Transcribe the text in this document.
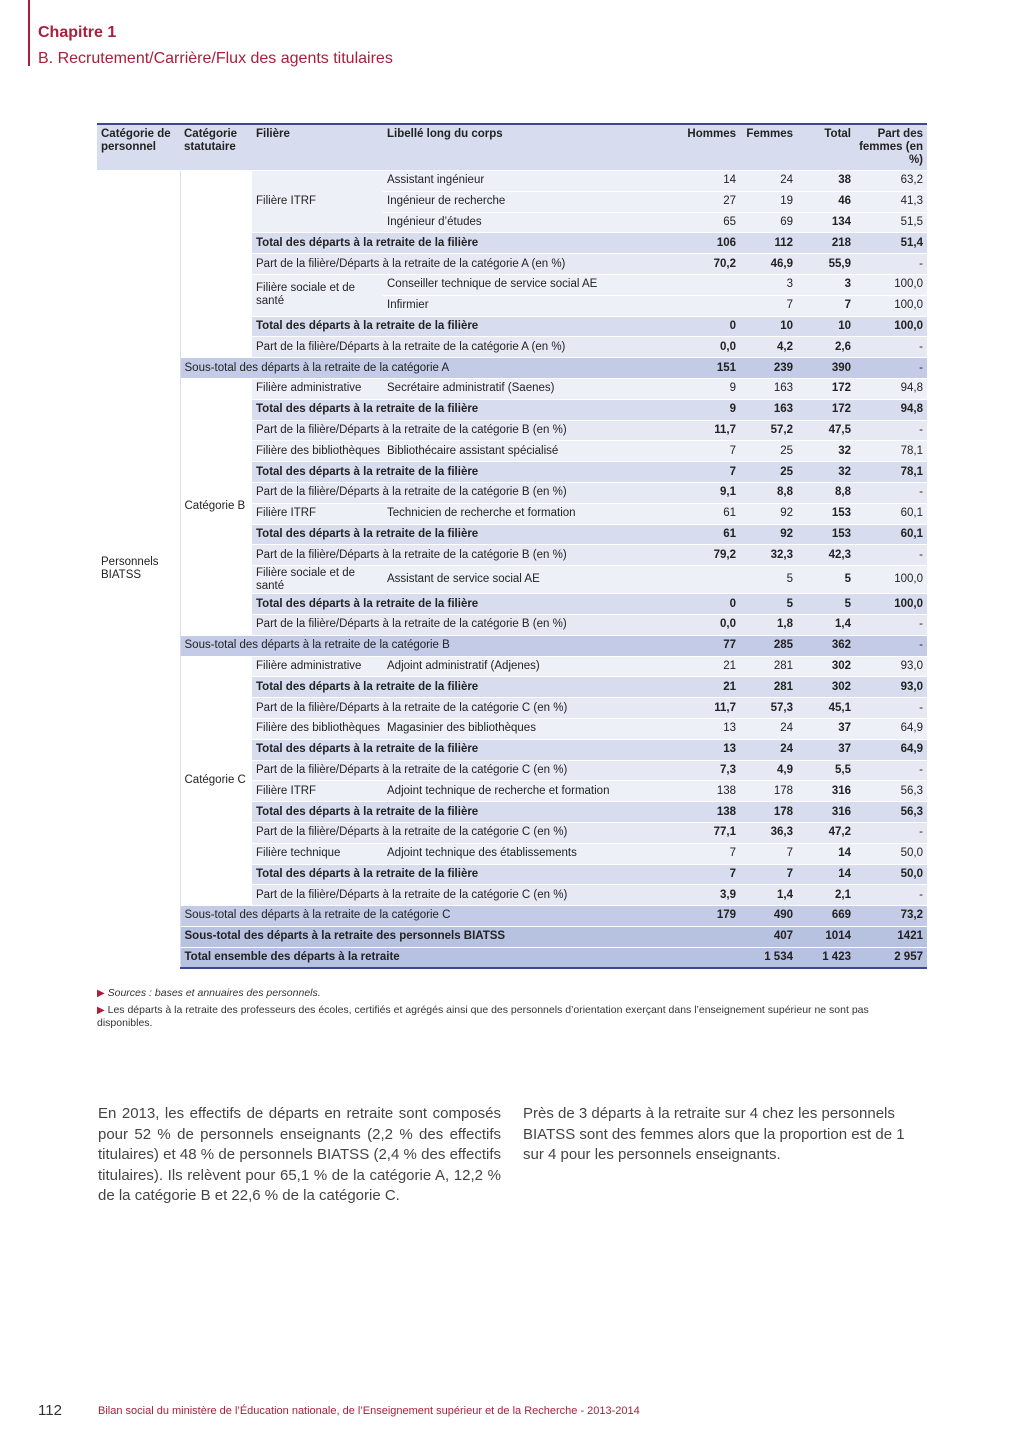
Chapitre 1
B. Recrutement/Carrière/Flux des agents titulaires
Catégorie de personnel	Catégorie statutaire	Filière	Libellé long du corps	Hommes	Femmes	Total	Part des femmes (en %)	
Personnels BIATSS		Filière ITRF	Assistant ingénieur	14	24	38	63,2	
			Ingénieur de recherche	27	19	46	41,3	
			Ingénieur d’études	65	69	134	51,5	
		Total des départs à la retraite de la filière		106	112	218	51,4	
		Part de la filière/Départs à la retraite de la catégorie A (en %)		70,2	46,9	55,9	-	
		Filière sociale et de santé	Conseiller technique de service social AE		3	3	100,0	
			Infirmier		7	7	100,0	
		Total des départs à la retraite de la filière		0	10	10	100,0	
		Part de la filière/Départs à la retraite de la catégorie A (en %)		0,0	4,2	2,6	-	
	Sous-total des départs à la retraite de la catégorie A			151	239	390	-	
	Catégorie B	Filière administrative	Secrétaire administratif (Saenes)	9	163	172	94,8	
		Total des départs à la retraite de la filière		9	163	172	94,8	
		Part de la filière/Départs à la retraite de la catégorie B (en %)		11,7	57,2	47,5	-	
		Filière des bibliothèques	Bibliothécaire assistant spécialisé	7	25	32	78,1	
		Total des départs à la retraite de la filière		7	25	32	78,1	
		Part de la filière/Départs à la retraite de la catégorie B (en %)		9,1	8,8	8,8	-	
		Filière ITRF	Technicien de recherche et formation	61	92	153	60,1	
		Total des départs à la retraite de la filière		61	92	153	60,1	
		Part de la filière/Départs à la retraite de la catégorie B (en %)		79,2	32,3	42,3	-	
		Filière sociale et de santé	Assistant de service social AE		5	5	100,0	
		Total des départs à la retraite de la filière		0	5	5	100,0	
		Part de la filière/Départs à la retraite de la catégorie B (en %)		0,0	1,8	1,4	-	
	Sous-total des départs à la retraite de la catégorie B			77	285	362	-	
	Catégorie C	Filière administrative	Adjoint administratif (Adjenes)	21	281	302	93,0	
		Total des départs à la retraite de la filière		21	281	302	93,0	
		Part de la filière/Départs à la retraite de la catégorie C (en %)		11,7	57,3	45,1	-	
		Filière des bibliothèques	Magasinier des bibliothèques	13	24	37	64,9	
		Total des départs à la retraite de la filière		13	24	37	64,9	
		Part de la filière/Départs à la retraite de la catégorie C (en %)		7,3	4,9	5,5	-	
		Filière ITRF	Adjoint technique de recherche et formation	138	178	316	56,3	
		Total des départs à la retraite de la filière		138	178	316	56,3	
		Part de la filière/Départs à la retraite de la catégorie C (en %)		77,1	36,3	47,2	-	
		Filière technique	Adjoint technique des établissements	7	7	14	50,0	
		Total des départs à la retraite de la filière		7	7	14	50,0	
		Part de la filière/Départs à la retraite de la catégorie C (en %)		3,9	1,4	2,1	-	
	Sous-total des départs à la retraite de la catégorie C			179	490	669	73,2	
	Sous-total des départs à la retraite des personnels BIATSS				407	1014	1421	
	Total ensemble des départs à la retraite				1 534	1 423	2 957	

▶ Sources : bases et annuaires des personnels.

▶ Les départs à la retraite des professeurs des écoles, certifiés et agrégés ainsi que des personnels d’orientation exerçant dans l’enseignement supérieur ne sont pas disponibles.

En 2013, les effectifs de départs en retraite sont composés pour 52 % de personnels enseignants (2,2 % des effectifs titulaires) et 48 % de personnels BIATSS (2,4 % des effectifs titulaires). Ils relèvent pour 65,1 % de la catégorie A, 12,2 % de la catégorie B et 22,6 % de la catégorie C.
Près de 3 départs à la retraite sur 4 chez les personnels BIATSS sont des femmes alors que la proportion est de 1 sur 4 pour les personnels enseignants.
112	Bilan social du ministère de l’Éducation nationale, de l’Enseignement supérieur et de la Recherche - 2013-2014
